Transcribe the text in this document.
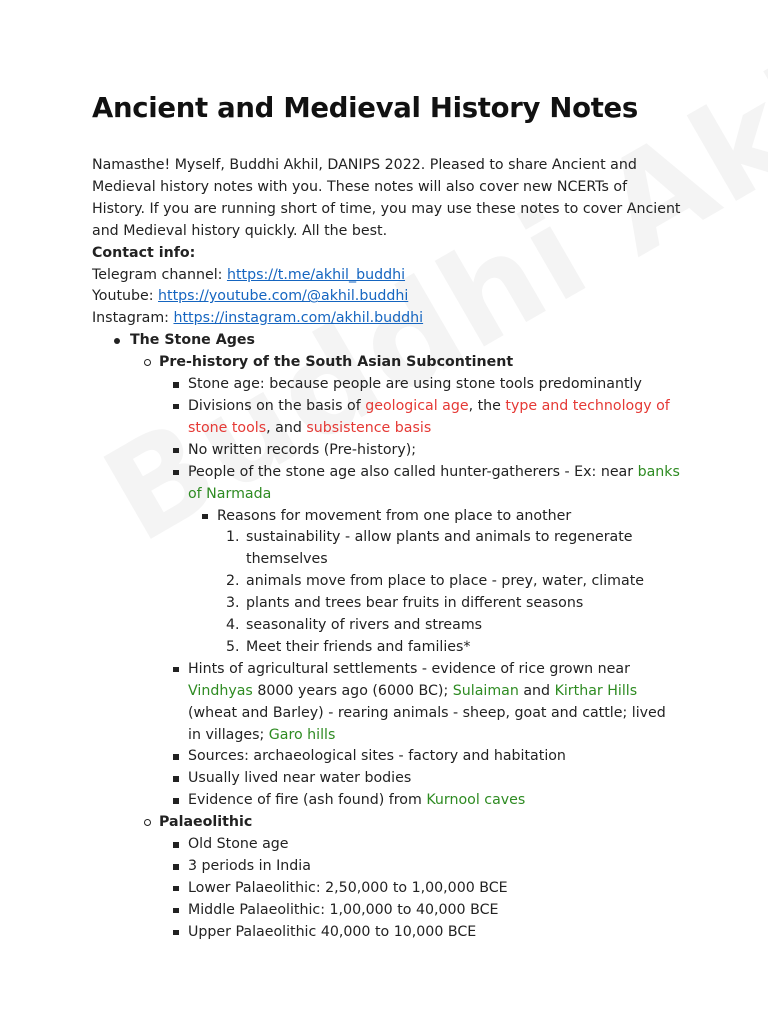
Ancient and Medieval History Notes

Namasthe! Myself, Buddhi Akhil, DANIPS 2022. Pleased to share Ancient and Medieval history notes with you. These notes will also cover new NCERTs of History. If you are running short of time, you may use these notes to cover Ancient and Medieval history quickly. All the best.

Contact info:

Telegram channel: https://t.me/akhil_buddhi

Youtube: https://youtube.com/@akhil.buddhi

Instagram: https://instagram.com/akhil.buddhi

The Stone Ages
Pre-history of the South Asian Subcontinent
Stone age: because people are using stone tools predominantly
Divisions on the basis of geological age, the type and technology of stone tools, and subsistence basis
No written records (Pre-history);
People of the stone age also called hunter-gatherers - Ex: near banks of Narmada
Reasons for movement from one place to another
sustainability - allow plants and animals to regenerate themselves
animals move from place to place - prey, water, climate
plants and trees bear fruits in different seasons
seasonality of rivers and streams
Meet their friends and families*
Hints of agricultural settlements - evidence of rice grown near Vindhyas 8000 years ago (6000 BC); Sulaiman and Kirthar Hills (wheat and Barley) - rearing animals - sheep, goat and cattle; lived in villages; Garo hills
Sources: archaeological sites - factory and habitation
Usually lived near water bodies
Evidence of fire (ash found) from Kurnool caves
Palaeolithic
Old Stone age
3 periods in India
Lower Palaeolithic: 2,50,000 to 1,00,000 BCE
Middle Palaeolithic: 1,00,000 to 40,000 BCE
Upper Palaeolithic 40,000 to 10,000 BCE
